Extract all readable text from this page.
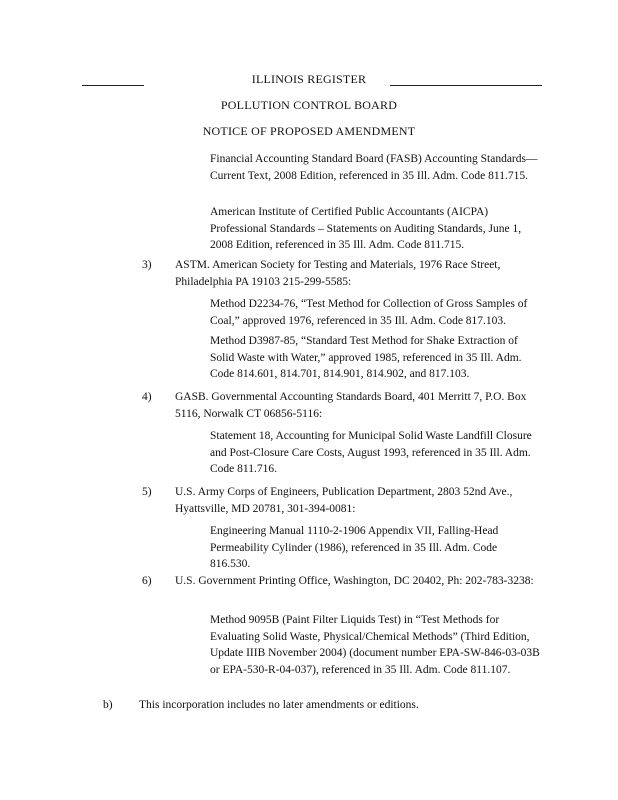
ILLINOIS REGISTER
POLLUTION CONTROL BOARD
NOTICE OF PROPOSED AMENDMENT
Financial Accounting Standard Board (FASB) Accounting Standards—Current Text, 2008 Edition, referenced in 35 Ill. Adm. Code 811.715.
American Institute of Certified Public Accountants (AICPA) Professional Standards – Statements on Auditing Standards, June 1, 2008 Edition, referenced in 35 Ill. Adm. Code 811.715.
3) ASTM. American Society for Testing and Materials, 1976 Race Street, Philadelphia PA 19103 215-299-5585:
Method D2234-76, “Test Method for Collection of Gross Samples of Coal,” approved 1976, referenced in 35 Ill. Adm. Code 817.103.
Method D3987-85, “Standard Test Method for Shake Extraction of Solid Waste with Water,” approved 1985, referenced in 35 Ill. Adm. Code 814.601, 814.701, 814.901, 814.902, and 817.103.
4) GASB. Governmental Accounting Standards Board, 401 Merritt 7, P.O. Box 5116, Norwalk CT 06856-5116:
Statement 18, Accounting for Municipal Solid Waste Landfill Closure and Post-Closure Care Costs, August 1993, referenced in 35 Ill. Adm. Code 811.716.
5) U.S. Army Corps of Engineers, Publication Department, 2803 52nd Ave., Hyattsville, MD 20781, 301-394-0081:
Engineering Manual 1110-2-1906 Appendix VII, Falling-Head Permeability Cylinder (1986), referenced in 35 Ill. Adm. Code 816.530.
6) U.S. Government Printing Office, Washington, DC 20402, Ph: 202-783-3238:
Method 9095B (Paint Filter Liquids Test) in “Test Methods for Evaluating Solid Waste, Physical/Chemical Methods” (Third Edition, Update IIIB November 2004) (document number EPA-SW-846-03-03B or EPA-530-R-04-037), referenced in 35 Ill. Adm. Code 811.107.
b) This incorporation includes no later amendments or editions.
